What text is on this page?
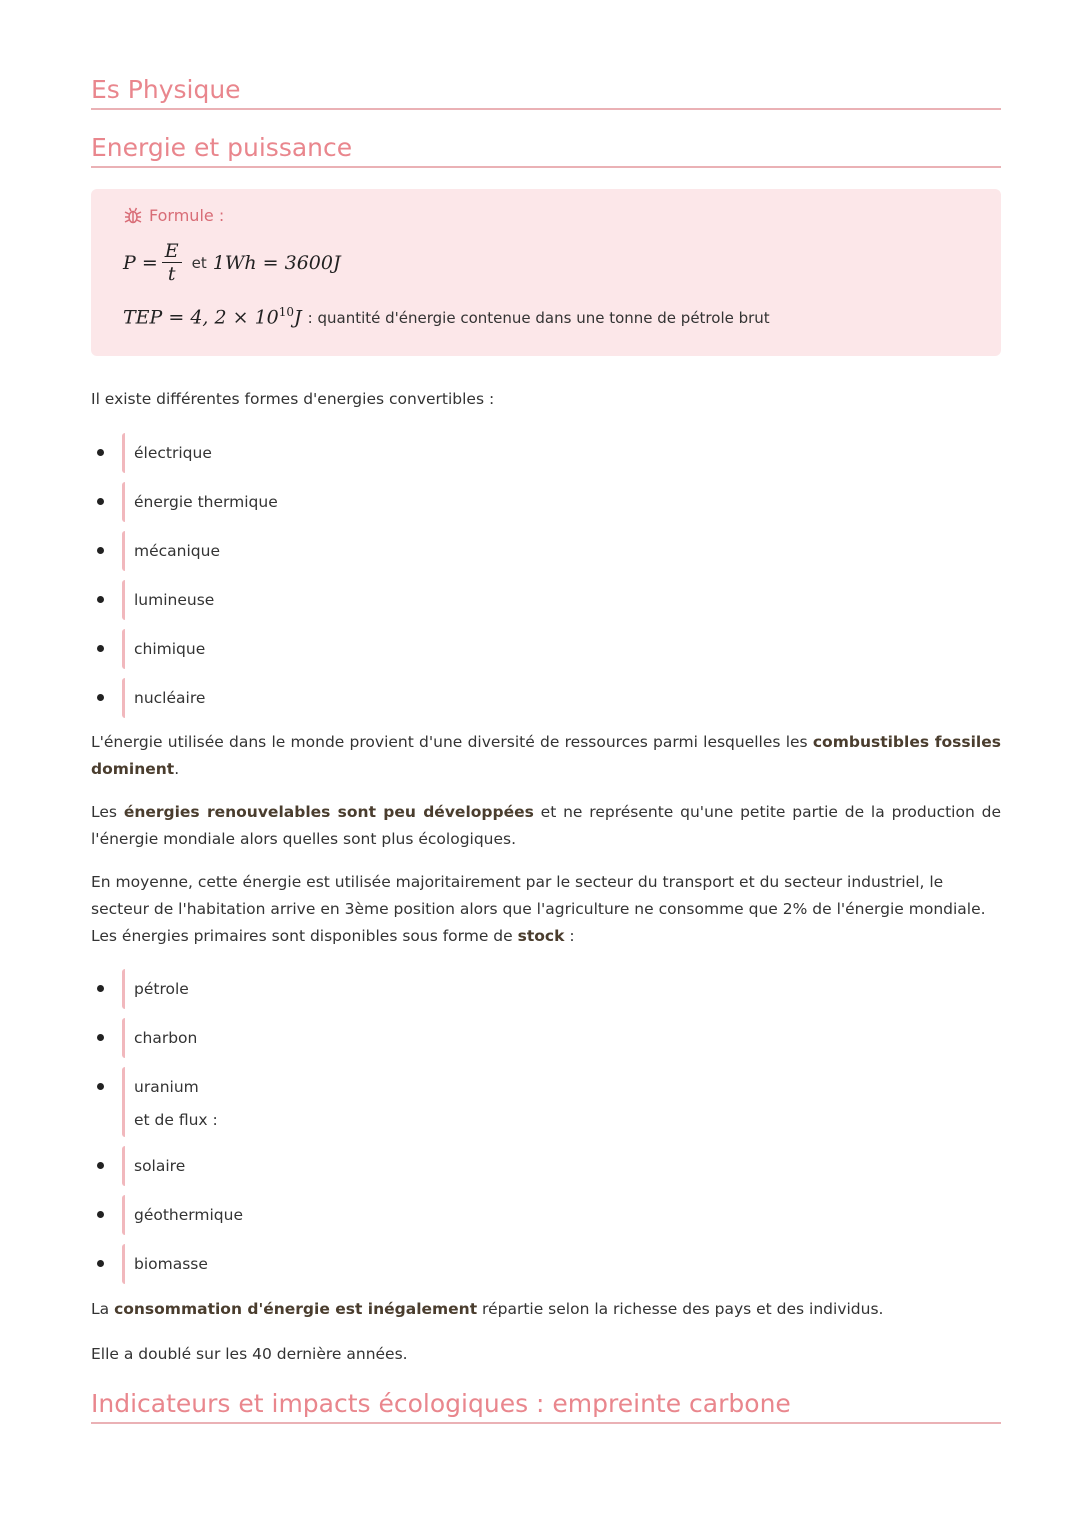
Es Physique
Energie et puissance
Formule :
$P = \frac{E}{t}$ et 1Wh = 3600J
TEP = 4, $2 \times 10^{10}J$ : quantité d'énergie contenue dans une tonne de pétrole brut

Il existe différentes formes d'energies convertibles :

électrique
énergie thermique
mécanique
lumineuse
chimique
nucléaire

L'énergie utilisée dans le monde provient d'une diversité de ressources parmi lesquelles les combustibles fossiles dominent.

Les énergies renouvelables sont peu développées et ne représente qu'une petite partie de la production de l'énergie mondiale alors quelles sont plus écologiques.

En moyenne, cette énergie est utilisée majoritairement par le secteur du transport et du secteur industriel, le secteur de l'habitation arrive en 3ème position alors que l'agriculture ne consomme que 2% de l'énergie mondiale.
Les énergies primaires sont disponibles sous forme de stock :

pétrole
charbon
uranium
et de flux :
solaire
géothermique
biomasse

La consommation d'énergie est inégalement répartie selon la richesse des pays et des individus.

Elle a doublé sur les 40 dernière années.

Indicateurs et impacts écologiques : empreinte carbone
